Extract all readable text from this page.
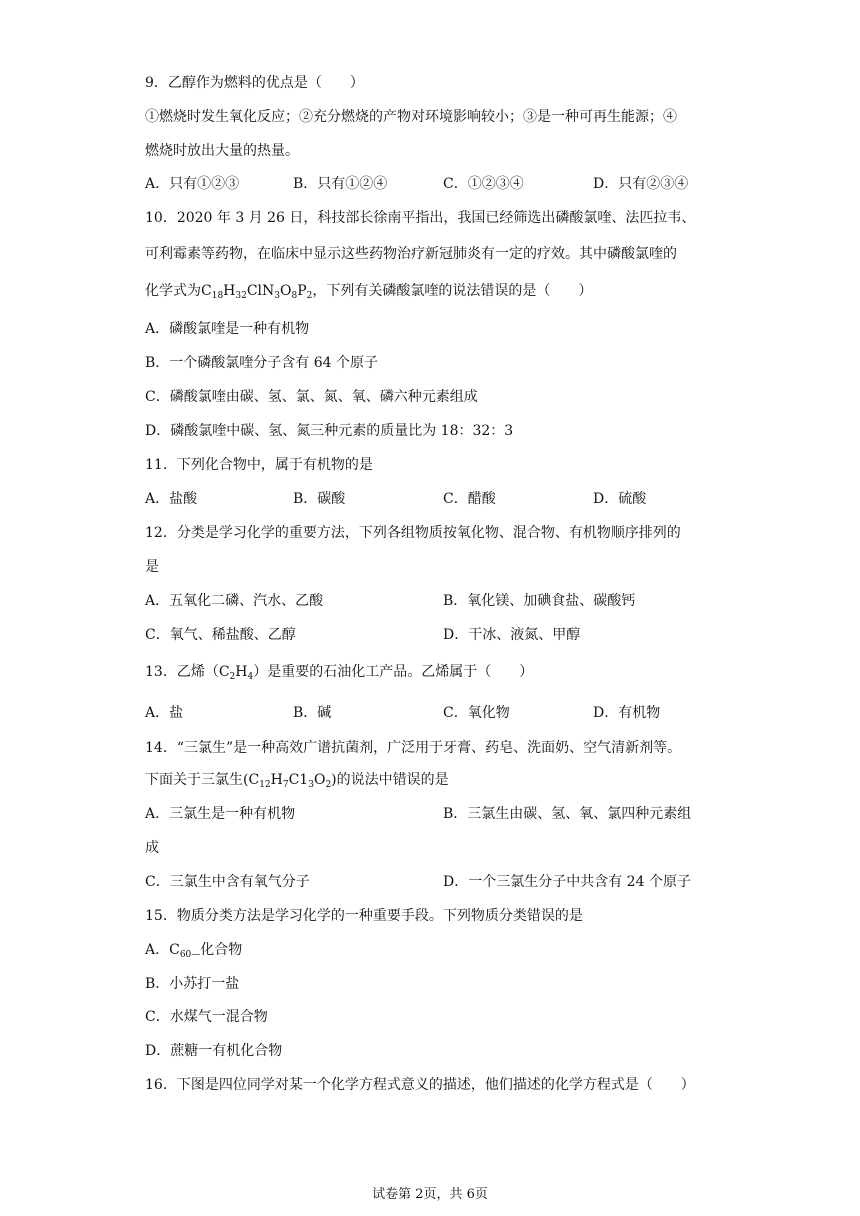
9．乙醇作为燃料的优点是（　　）
①燃烧时发生氧化反应；②充分燃烧的产物对环境影响较小；③是一种可再生能源；④
燃烧时放出大量的热量。
A．只有①②③	B．只有①②④	C．①②③④	D．只有②③④
10．2020 年 3 月 26 日，科技部长徐南平指出，我国已经筛选出磷酸氯喹、法匹拉韦、
可利霉素等药物，在临床中显示这些药物治疗新冠肺炎有一定的疗效。其中磷酸氯喹的
化学式为$C_{18}H_{32}ClN_3O_8P_2$，下列有关磷酸氯喹的说法错误的是（　　）
A．磷酸氯喹是一种有机物
B．一个磷酸氯喹分子含有 64 个原子
C．磷酸氯喹由碳、氢、氯、氮、氧、磷六种元素组成
D．磷酸氯喹中碳、氢、氮三种元素的质量比为 18：32：3
11．下列化合物中，属于有机物的是
A．盐酸	B．碳酸	C．醋酸	D．硫酸
12．分类是学习化学的重要方法，下列各组物质按氧化物、混合物、有机物顺序排列的
是
A．五氧化二磷、汽水、乙酸	B．氧化镁、加碘食盐、碳酸钙
C．氧气、稀盐酸、乙醇	D．干冰、液氮、甲醇
13．乙烯$(C_2H_4)$是重要的石油化工产品。乙烯属于（　　）
A．盐	B．碱	C．氧化物	D．有机物
14．“三氯生”是一种高效广谱抗菌剂，广泛用于牙膏、药皂、洗面奶、空气清新剂等。
下面关于三氯生$(C_{12}H_7C1_3O_2)$的说法中错误的是
A．三氯生是一种有机物	B．三氯生由碳、氢、氧、氯四种元素组
成
C．三氯生中含有氧气分子	D．一个三氯生分子中共含有 24 个原子
15．物质分类方法是学习化学的一种重要手段。下列物质分类错误的是
A．$C_{60—}$化合物
B．小苏打一盐
C．水煤气一混合物
D．蔗糖一有机化合物
16．下图是四位同学对某一个化学方程式意义的描述，他们描述的化学方程式是（　　）
试卷第 2页，共 6页
